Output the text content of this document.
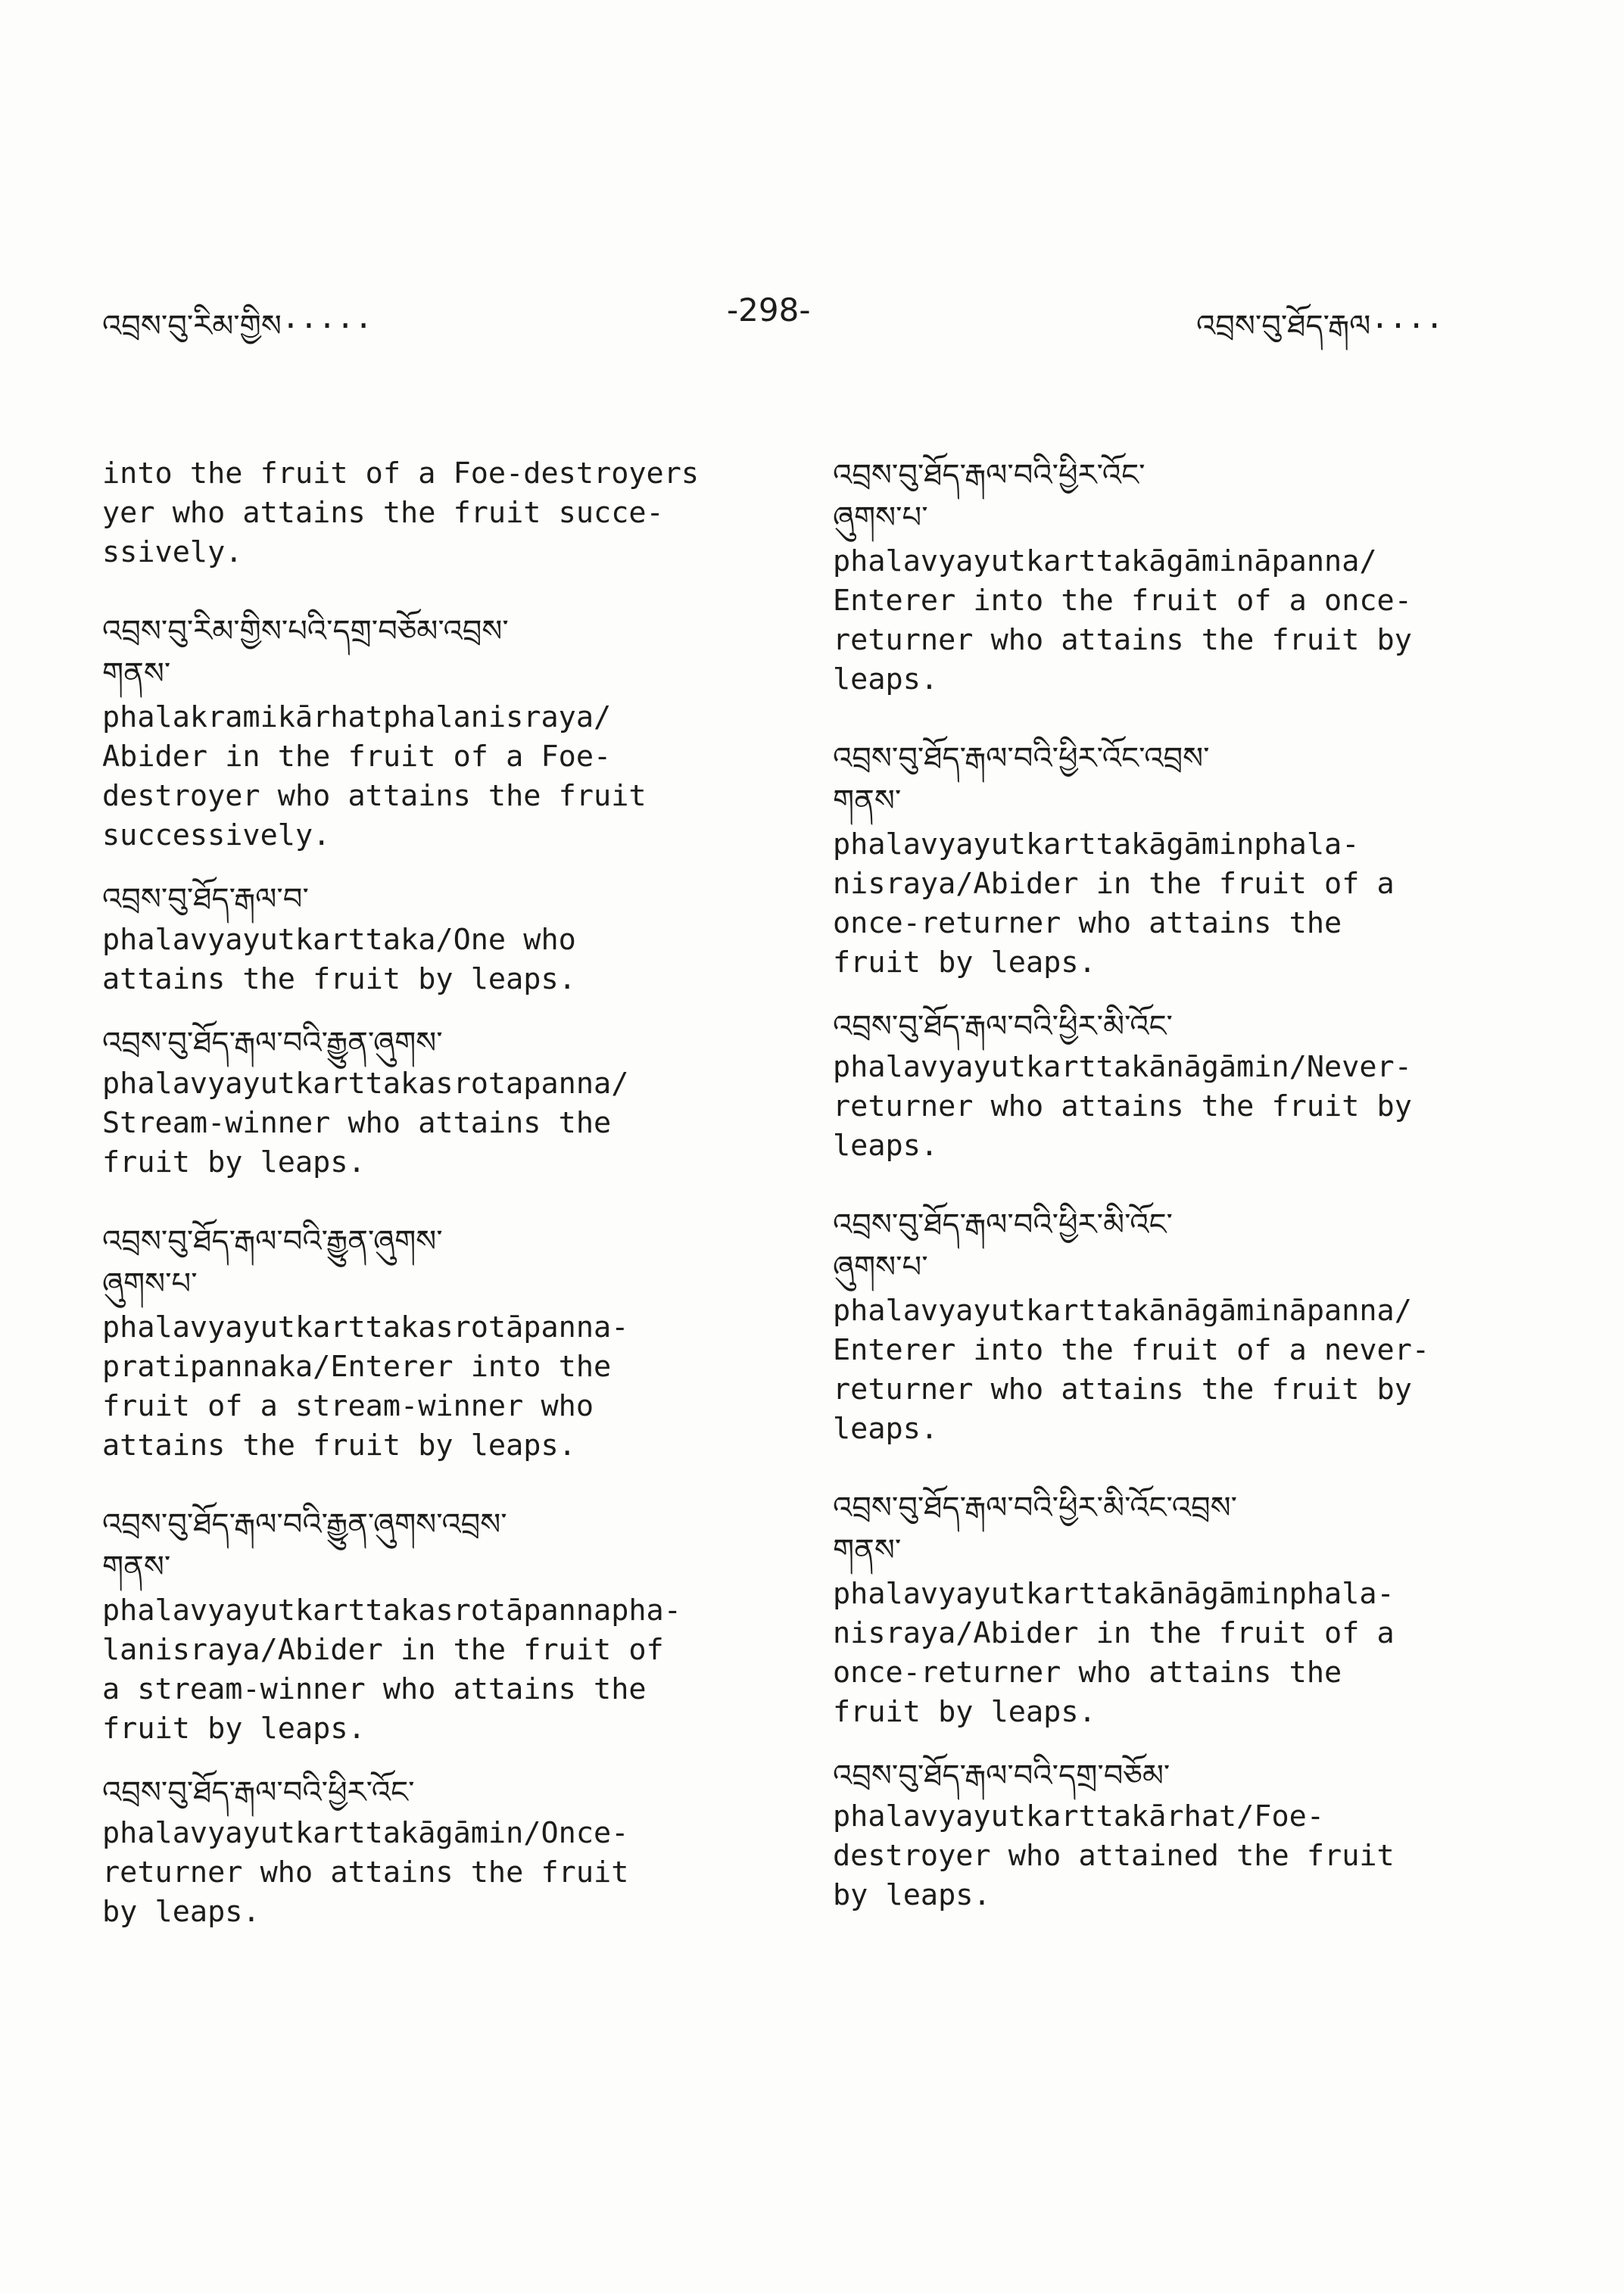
འབྲས་བུ་རིམ་གྱིས·····	-298-	འབྲས་བུ་ཐོད་རྒལ····

into the fruit of a Foe-destroyers
yer who attains the fruit succe-
ssively.

འབྲས་བུ་རིམ་གྱིས་པའི་དགྲ་བཅོམ་འབྲས་
གནས་

phalakramikārhatphalanisraya/
Abider in the fruit of a Foe-
destroyer who attains the fruit
successively.

འབྲས་བུ་ཐོད་རྒལ་བ་

phalavyayutkarttaka/One who
attains the fruit by leaps.

འབྲས་བུ་ཐོད་རྒལ་བའི་རྒྱུན་ཞུགས་

phalavyayutkarttakasrotapanna/
Stream-winner who attains the
fruit by leaps.

འབྲས་བུ་ཐོད་རྒལ་བའི་རྒྱུན་ཞུགས་
ཞུགས་པ་

phalavyayutkarttakasrotāpanna-
pratipannaka/Enterer into the
fruit of a stream-winner who
attains the fruit by leaps.

འབྲས་བུ་ཐོད་རྒལ་བའི་རྒྱུན་ཞུགས་འབྲས་
གནས་

phalavyayutkarttakasrotāpannapha-
lanisraya/Abider in the fruit of
a stream-winner who attains the
fruit by leaps.

འབྲས་བུ་ཐོད་རྒལ་བའི་ཕྱིར་འོང་

phalavyayutkarttakāgāmin/Once-
returner who attains the fruit
by leaps.

འབྲས་བུ་ཐོད་རྒལ་བའི་ཕྱིར་འོང་
ཞུགས་པ་

phalavyayutkarttakāgāmināpanna/
Enterer into the fruit of a once-
returner who attains the fruit by
leaps.

འབྲས་བུ་ཐོད་རྒལ་བའི་ཕྱིར་འོང་འབྲས་
གནས་

phalavyayutkarttakāgāminphala-
nisraya/Abider in the fruit of a
once-returner who attains the
fruit by leaps.

འབྲས་བུ་ཐོད་རྒལ་བའི་ཕྱིར་མི་འོང་

phalavyayutkarttakānāgāmin/Never-
returner who attains the fruit by
leaps.

འབྲས་བུ་ཐོད་རྒལ་བའི་ཕྱིར་མི་འོང་
ཞུགས་པ་

phalavyayutkarttakānāgāmināpanna/
Enterer into the fruit of a never-
returner who attains the fruit by
leaps.

འབྲས་བུ་ཐོད་རྒལ་བའི་ཕྱིར་མི་འོང་འབྲས་
གནས་

phalavyayutkarttakānāgāminphala-
nisraya/Abider in the fruit of a
once-returner who attains the
fruit by leaps.

འབྲས་བུ་ཐོད་རྒལ་བའི་དགྲ་བཅོམ་

phalavyayutkarttakārhat/Foe-
destroyer who attained the fruit
by leaps.
